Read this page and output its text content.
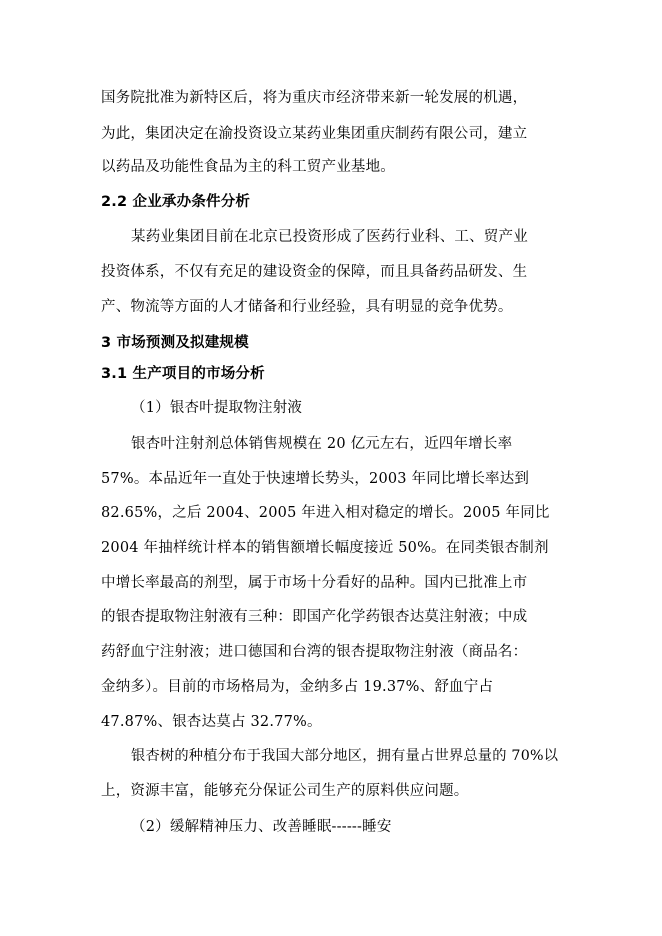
国务院批准为新特区后，将为重庆市经济带来新一轮发展的机遇，
为此，集团决定在渝投资设立某药业集团重庆制药有限公司，建立
以药品及功能性食品为主的科工贸产业基地。
2.2 企业承办条件分析
某药业集团目前在北京已投资形成了医药行业科、工、贸产业
投资体系，不仅有充足的建设资金的保障，而且具备药品研发、生
产、物流等方面的人才储备和行业经验，具有明显的竞争优势。
3 市场预测及拟建规模
3.1 生产项目的市场分析
（1）银杏叶提取物注射液
银杏叶注射剂总体销售规模在 20 亿元左右，近四年增长率
57%。本品近年一直处于快速增长势头，2003 年同比增长率达到
82.65%，之后 2004、2005 年进入相对稳定的增长。2005 年同比
2004 年抽样统计样本的销售额增长幅度接近 50%。在同类银杏制剂
中增长率最高的剂型，属于市场十分看好的品种。国内已批准上市
的银杏提取物注射液有三种：即国产化学药银杏达莫注射液；中成
药舒血宁注射液；进口德国和台湾的银杏提取物注射液（商品名：
金纳多）。目前的市场格局为，金纳多占 19.37%、舒血宁占
47.87%、银杏达莫占 32.77%。
银杏树的种植分布于我国大部分地区，拥有量占世界总量的 70%以
上，资源丰富，能够充分保证公司生产的原料供应问题。
（2）缓解精神压力、改善睡眠------睡安
